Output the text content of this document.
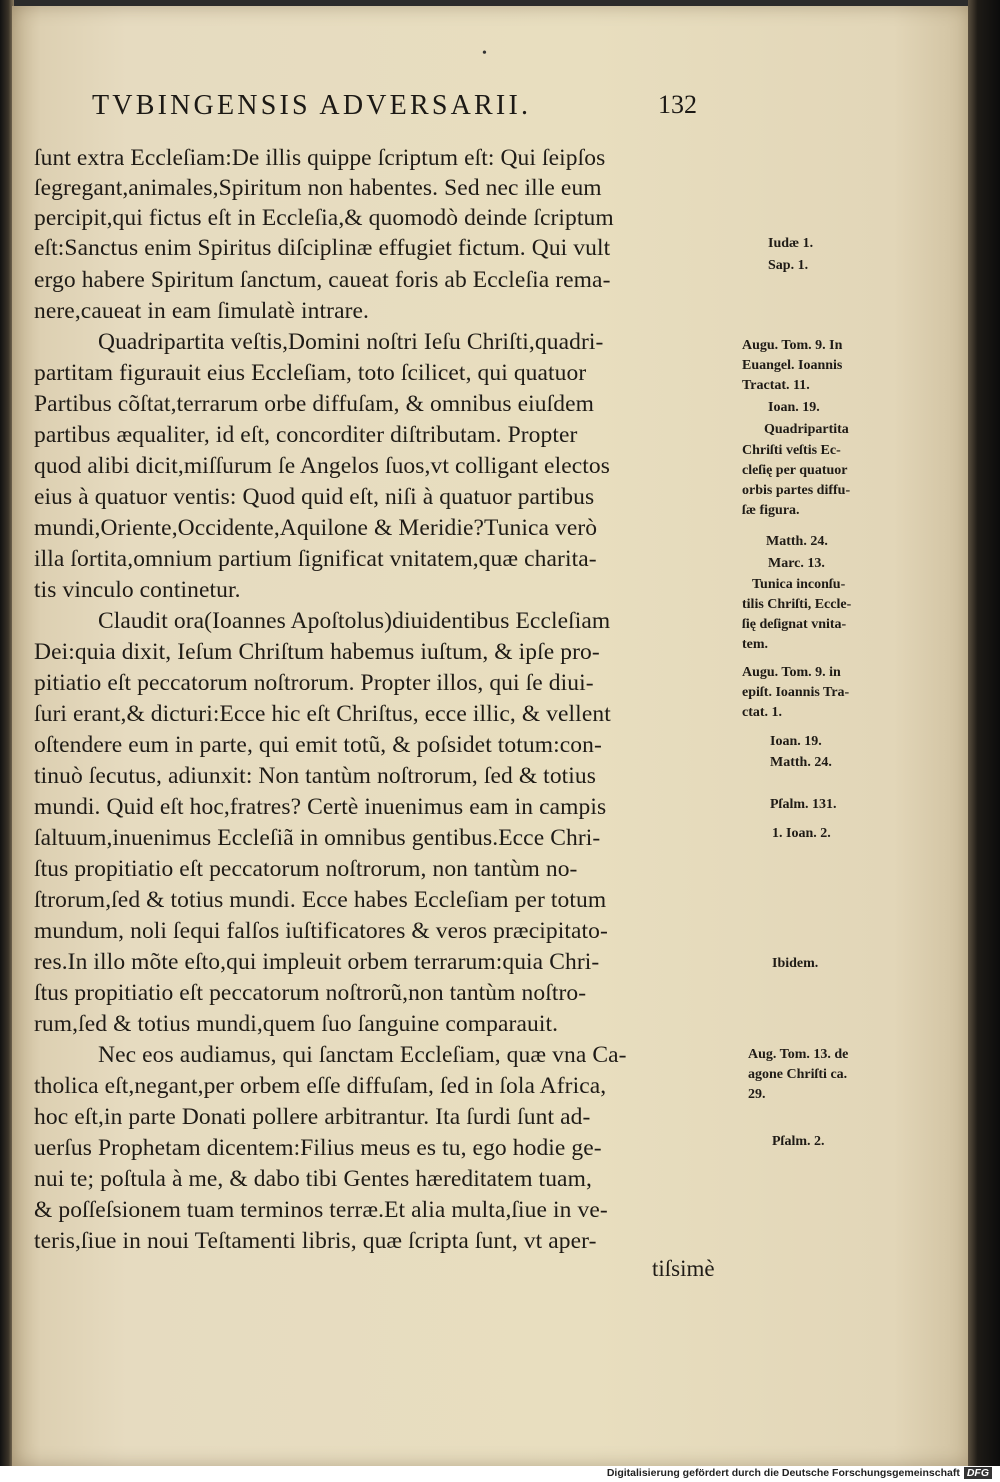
•
TVBINGENSIS ADVERSARII.	132
ſunt extra Eccleſiam:De illis quippe ſcriptum eſt: Qui ſeipſos
ſegregant,animales,Spiritum non habentes. Sed nec ille eum
percipit,qui fictus eſt in Eccleſia,& quomodò deinde ſcriptum
eſt:Sanctus enim Spiritus diſciplinæ effugiet fictum. Qui vult
ergo habere Spiritum ſanctum, caueat foris ab Eccleſia rema-
nere,caueat in eam ſimulatè intrare.
Quadripartita veſtis,Domini noſtri Ieſu Chriſti,quadri-
partitam figurauit eius Eccleſiam, toto ſcilicet, qui quatuor
Partibus cõſtat,terrarum orbe diffuſam, & omnibus eiuſdem
partibus æqualiter, id eſt, concorditer diſtributam. Propter
quod alibi dicit,miſſurum ſe Angelos ſuos,vt colligant electos
eius à quatuor ventis: Quod quid eſt, niſi à quatuor partibus
mundi,Oriente,Occidente,Aquilone & Meridie?Tunica verò
illa ſortita,omnium partium ſignificat vnitatem,quæ charita-
tis vinculo continetur.
Claudit ora(Ioannes Apoſtolus)diuidentibus Eccleſiam
Dei:quia dixit, Ieſum Chriſtum habemus iuſtum, & ipſe pro-
pitiatio eſt peccatorum noſtrorum. Propter illos, qui ſe diui-
ſuri erant,& dicturi:Ecce hic eſt Chriſtus, ecce illic, & vellent
oſtendere eum in parte, qui emit totũ, & poſsidet totum:con-
tinuò ſecutus, adiunxit: Non tantùm noſtrorum, ſed & totius
mundi. Quid eſt hoc,fratres? Certè inuenimus eam in campis
ſaltuum,inuenimus Eccleſiã in omnibus gentibus.Ecce Chri-
ſtus propitiatio eſt peccatorum noſtrorum, non tantùm no-
ſtrorum,ſed & totius mundi. Ecce habes Eccleſiam per totum
mundum, noli ſequi falſos iuſtificatores & veros præcipitato-
res.In illo mõte eſto,qui impleuit orbem terrarum:quia Chri-
ſtus propitiatio eſt peccatorum noſtrorũ,non tantùm noſtro-
rum,ſed & totius mundi,quem ſuo ſanguine comparauit.
Nec eos audiamus, qui ſanctam Eccleſiam, quæ vna Ca-
tholica eſt,negant,per orbem eſſe diffuſam, ſed in ſola Africa,
hoc eſt,in parte Donati pollere arbitrantur. Ita ſurdi ſunt ad-
uerſus Prophetam dicentem:Filius meus es tu, ego hodie ge-
nui te; poſtula à me, & dabo tibi Gentes hæreditatem tuam,
& poſſeſsionem tuam terminos terræ.Et alia multa,ſiue in ve-
teris,ſiue in noui Teſtamenti libris, quæ ſcripta ſunt, vt aper-
tiſsimè
Iudæ 1.
Sap. 1.
Augu. Tom. 9. In
Euangel. Ioannis
Tractat. 11.
Ioan. 19.
Quadripartita
Chriſti veſtis Ec-
cleſię per quatuor
orbis partes diffu-
ſæ figura.
Matth. 24.
Marc. 13.
Tunica inconſu-
tilis Chriſti, Eccle-
ſię deſignat vnita-
tem.
Augu. Tom. 9. in
epiſt. Ioannis Tra-
ctat. 1.
Ioan. 19.
Matth. 24.
Pſalm. 131.
1. Ioan. 2.
Ibidem.
Aug. Tom. 13. de
agone Chriſti ca.
29.
Pſalm. 2.
Digitalisierung gefördert durch die Deutsche Forschungsgemeinschaft DFG
